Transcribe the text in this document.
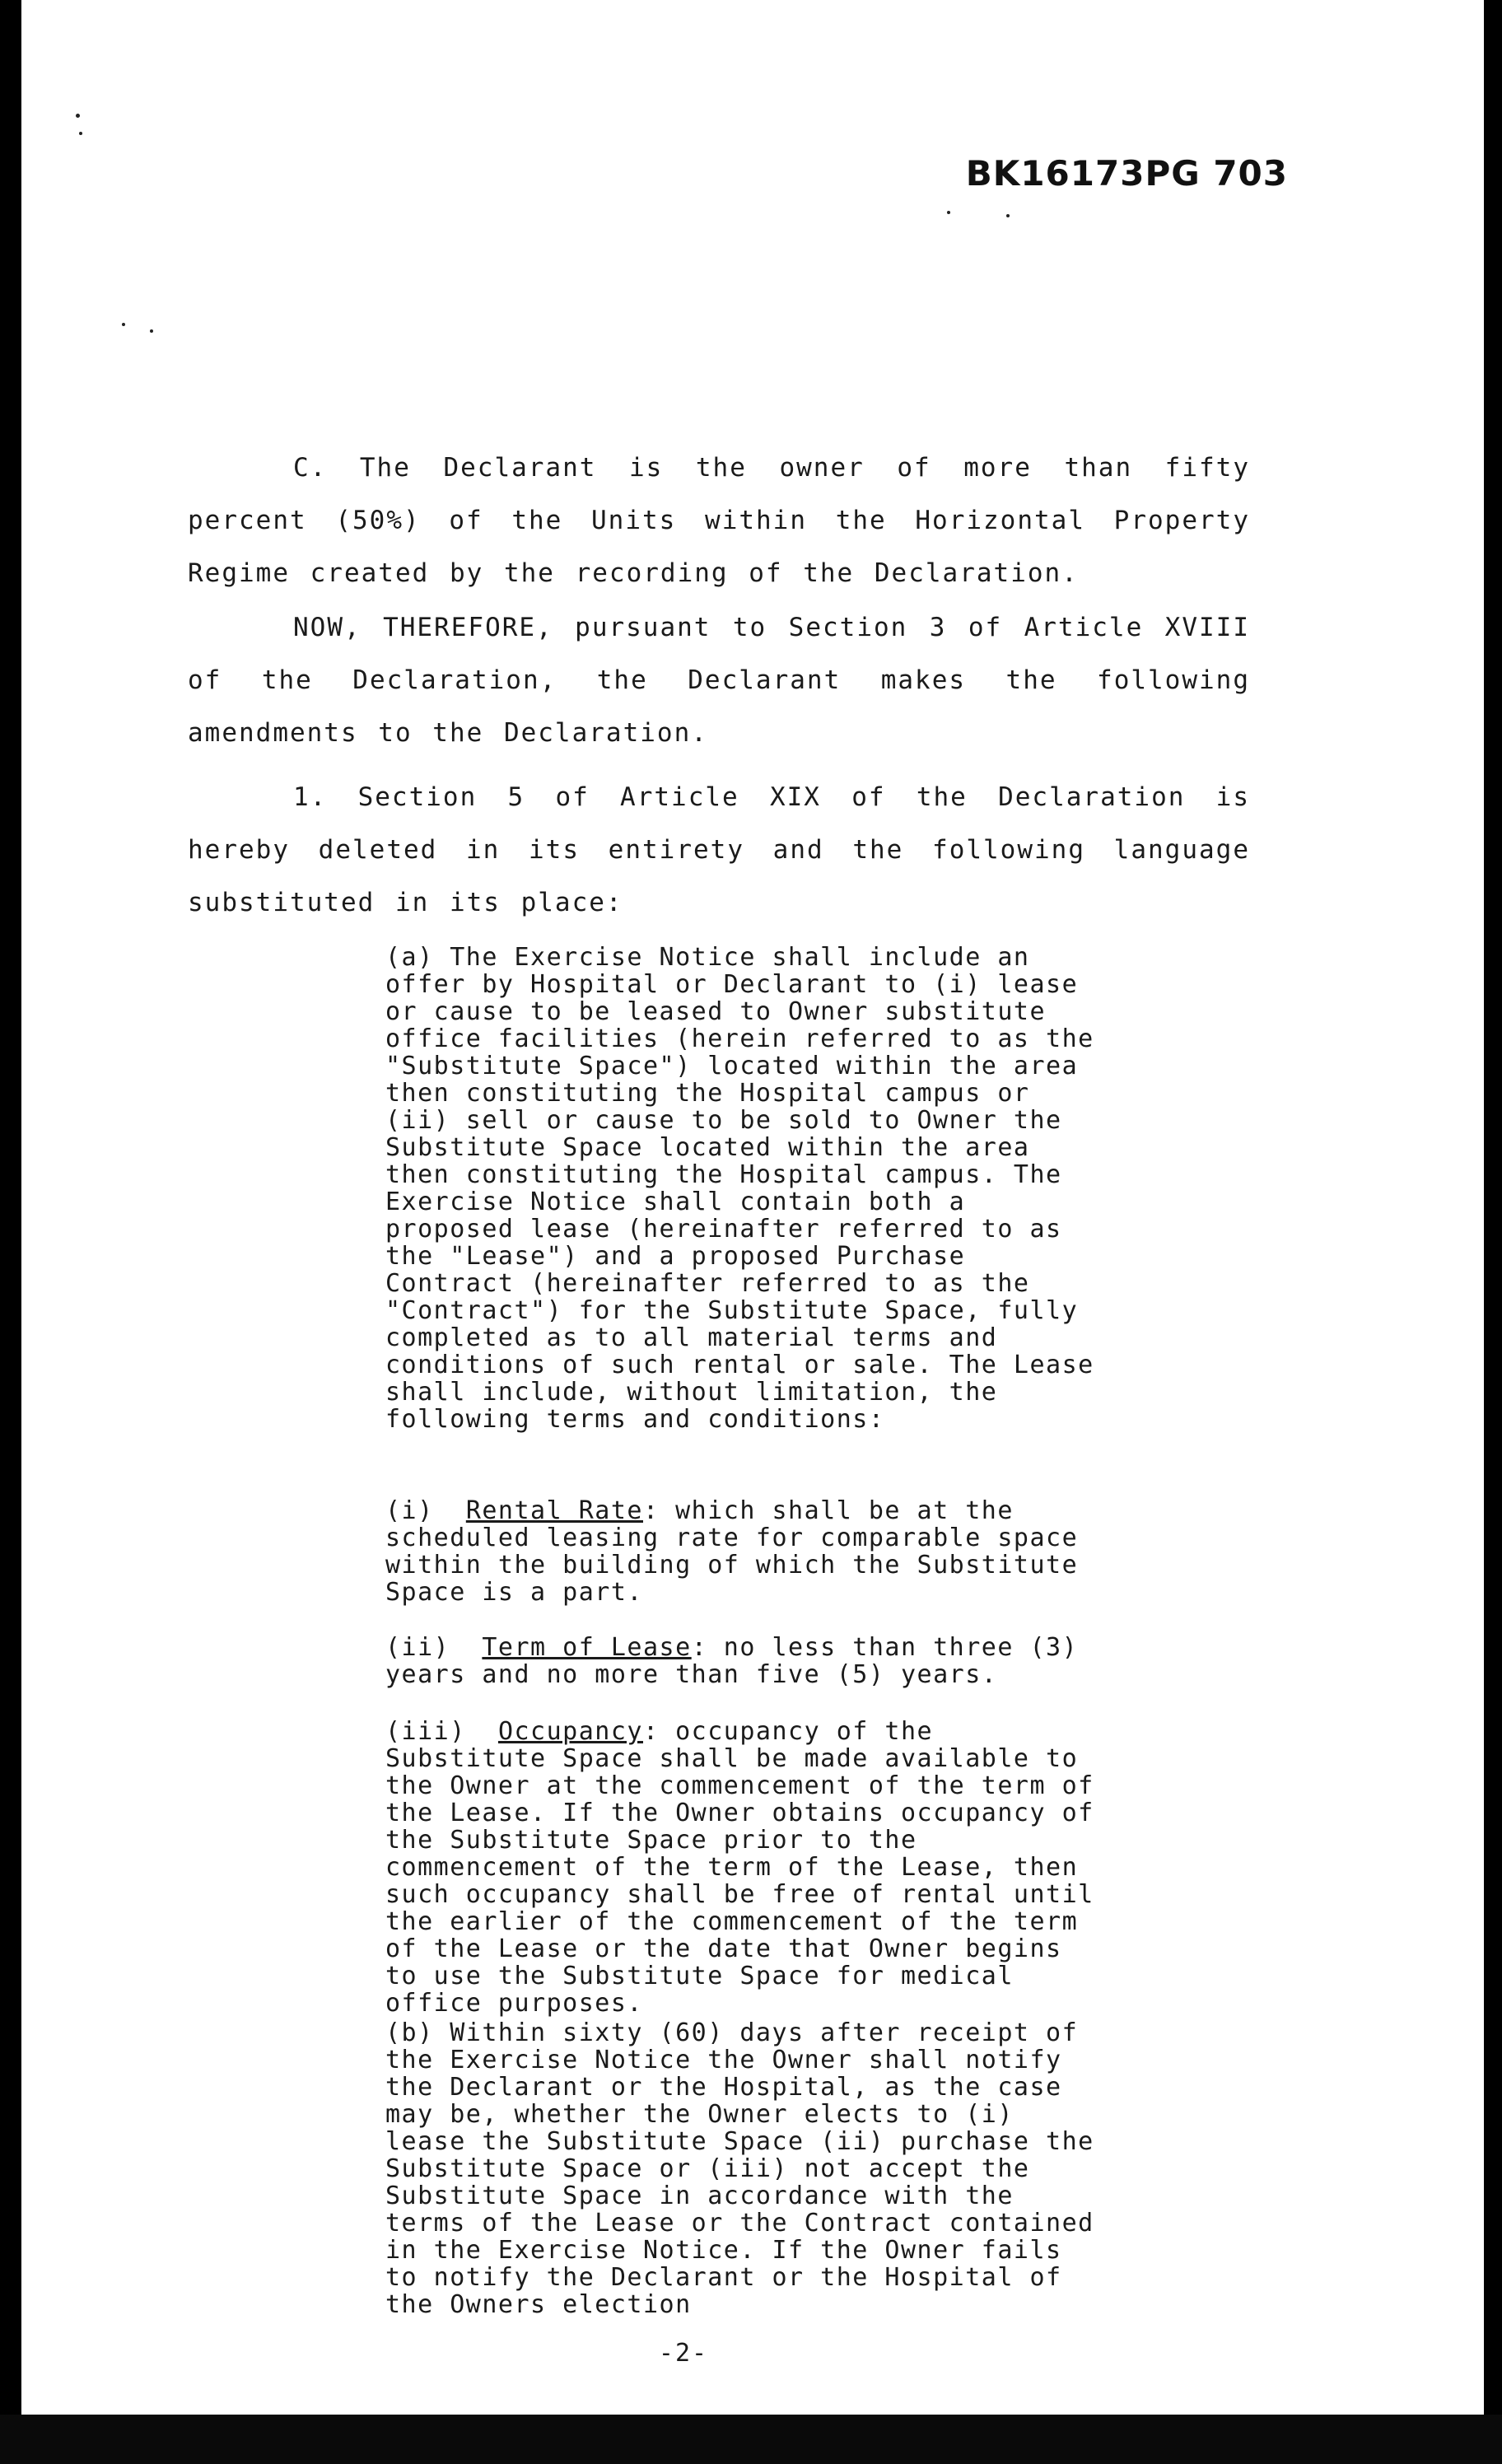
BK16173PG 703

C. The Declarant is the owner of more than fifty percent (50%) of the Units within the Horizontal Property Regime created by the recording of the Declaration.

NOW, THEREFORE, pursuant to Section 3 of Article XVIII of the Declaration, the Declarant makes the following amendments to the Declaration.

1. Section 5 of Article XIX of the Declaration is hereby deleted in its entirety and the following language substituted in its place:

(a) The Exercise Notice shall include an offer by Hospital or Declarant to (i) lease or cause to be leased to Owner substitute office facilities (herein referred to as the "Substitute Space") located within the area then constituting the Hospital campus or (ii) sell or cause to be sold to Owner the Substitute Space located within the area then constituting the Hospital campus. The Exercise Notice shall contain both a proposed lease (hereinafter referred to as the "Lease") and a proposed Purchase Contract (hereinafter referred to as the "Contract") for the Substitute Space, fully completed as to all material terms and conditions of such rental or sale. The Lease shall include, without limitation, the following terms and conditions:

(i) Rental Rate: which shall be at the scheduled leasing rate for comparable space within the building of which the Substitute Space is a part.

(ii) Term of Lease: no less than three (3) years and no more than five (5) years.

(iii) Occupancy: occupancy of the Substitute Space shall be made available to the Owner at the commencement of the term of the Lease. If the Owner obtains occupancy of the Substitute Space prior to the commencement of the term of the Lease, then such occupancy shall be free of rental until the earlier of the commencement of the term of the Lease or the date that Owner begins to use the Substitute Space for medical office purposes.

(b) Within sixty (60) days after receipt of the Exercise Notice the Owner shall notify the Declarant or the Hospital, as the case may be, whether the Owner elects to (i) lease the Substitute Space (ii) purchase the Substitute Space or (iii) not accept the Substitute Space in accordance with the terms of the Lease or the Contract contained in the Exercise Notice. If the Owner fails to notify the Declarant or the Hospital of the Owners election

-2-
